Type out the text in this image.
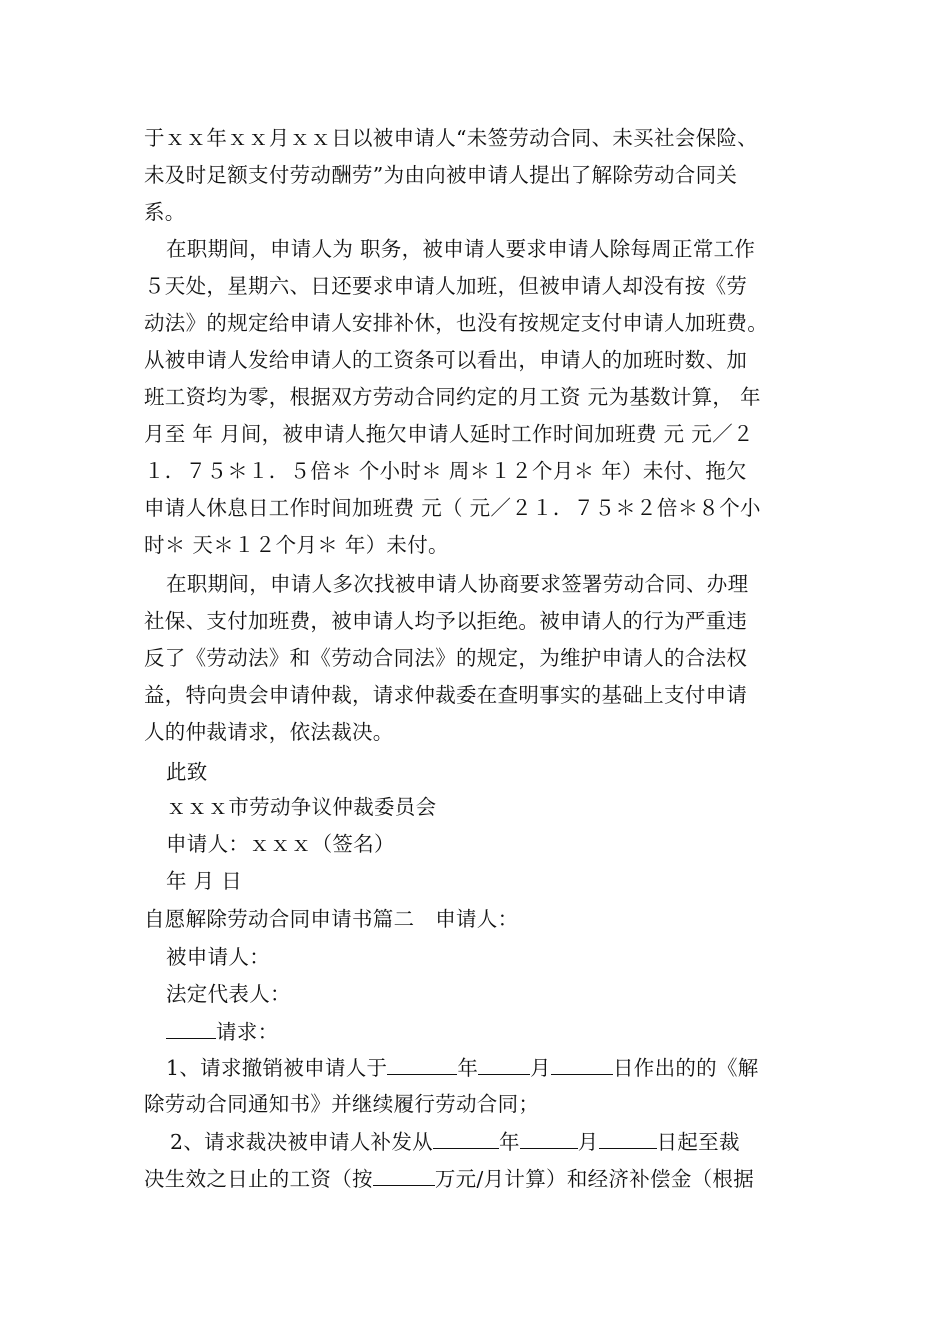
于ｘｘ年ｘｘ月ｘｘ日以被申请人“未签劳动合同、未买社会保险、
未及时足额支付劳动酬劳”为由向被申请人提出了解除劳动合同关
系。
在职期间，申请人为 职务，被申请人要求申请人除每周正常工作
５天处，星期六、日还要求申请人加班，但被申请人却没有按《劳
动法》的规定给申请人安排补休，也没有按规定支付申请人加班费。
从被申请人发给申请人的工资条可以看出，申请人的加班时数、加
班工资均为零，根据双方劳动合同约定的月工资 元为基数计算， 年
月至 年 月间，被申请人拖欠申请人延时工作时间加班费 元 元／２
１．７５＊１．５倍＊ 个小时＊ 周＊１２个月＊ 年）未付、拖欠
申请人休息日工作时间加班费 元（ 元／２１．７５＊２倍＊８个小
时＊ 天＊１２个月＊ 年）未付。
在职期间，申请人多次找被申请人协商要求签署劳动合同、办理
社保、支付加班费，被申请人均予以拒绝。被申请人的行为严重违
反了《劳动法》和《劳动合同法》的规定，为维护申请人的合法权
益，特向贵会申请仲裁，请求仲裁委在查明事实的基础上支付申请
人的仲裁请求，依法裁决。
此致
ｘｘｘ市劳动争议仲裁委员会
申请人：ｘｘｘ（签名）
年 月 日
自愿解除劳动合同申请书篇二　申请人：
被申请人：
法定代表人：
请求：
1、请求撤销被申请人于	年	月	日作出的的《解
除劳动合同通知书》并继续履行劳动合同；
2、请求裁决被申请人补发从	年	月	日起至裁
决生效之日止的工资（按	万元/月计算）和经济补偿金（根据
